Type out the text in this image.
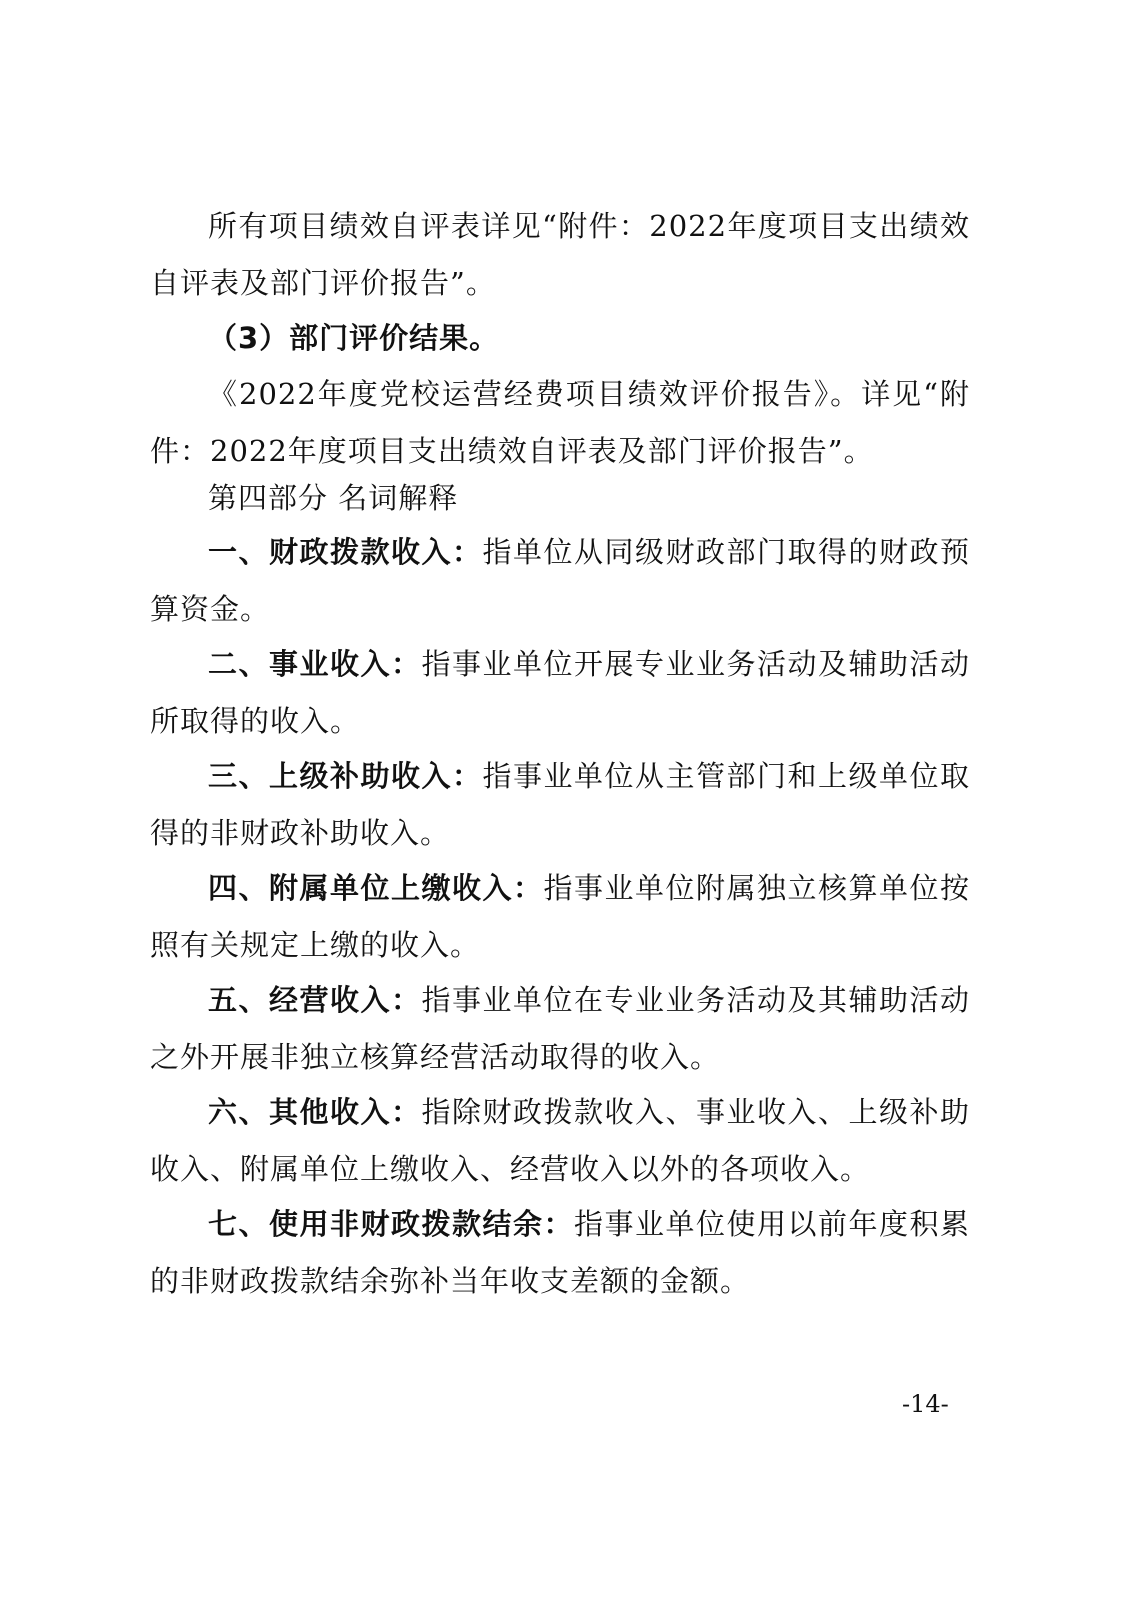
所有项目绩效自评表详见“附件：2022年度项目支出绩效自评表及部门评价报告”。

（3）部门评价结果。

《2022年度党校运营经费项目绩效评价报告》。详见“附件：2022年度项目支出绩效自评表及部门评价报告”。

第四部分 名词解释

一、财政拨款收入：指单位从同级财政部门取得的财政预算资金。

二、事业收入：指事业单位开展专业业务活动及辅助活动所取得的收入。

三、上级补助收入：指事业单位从主管部门和上级单位取得的非财政补助收入。

四、附属单位上缴收入：指事业单位附属独立核算单位按照有关规定上缴的收入。

五、经营收入：指事业单位在专业业务活动及其辅助活动之外开展非独立核算经营活动取得的收入。

六、其他收入：指除财政拨款收入、事业收入、上级补助收入、附属单位上缴收入、经营收入以外的各项收入。

七、使用非财政拨款结余：指事业单位使用以前年度积累的非财政拨款结余弥补当年收支差额的金额。

-14-
